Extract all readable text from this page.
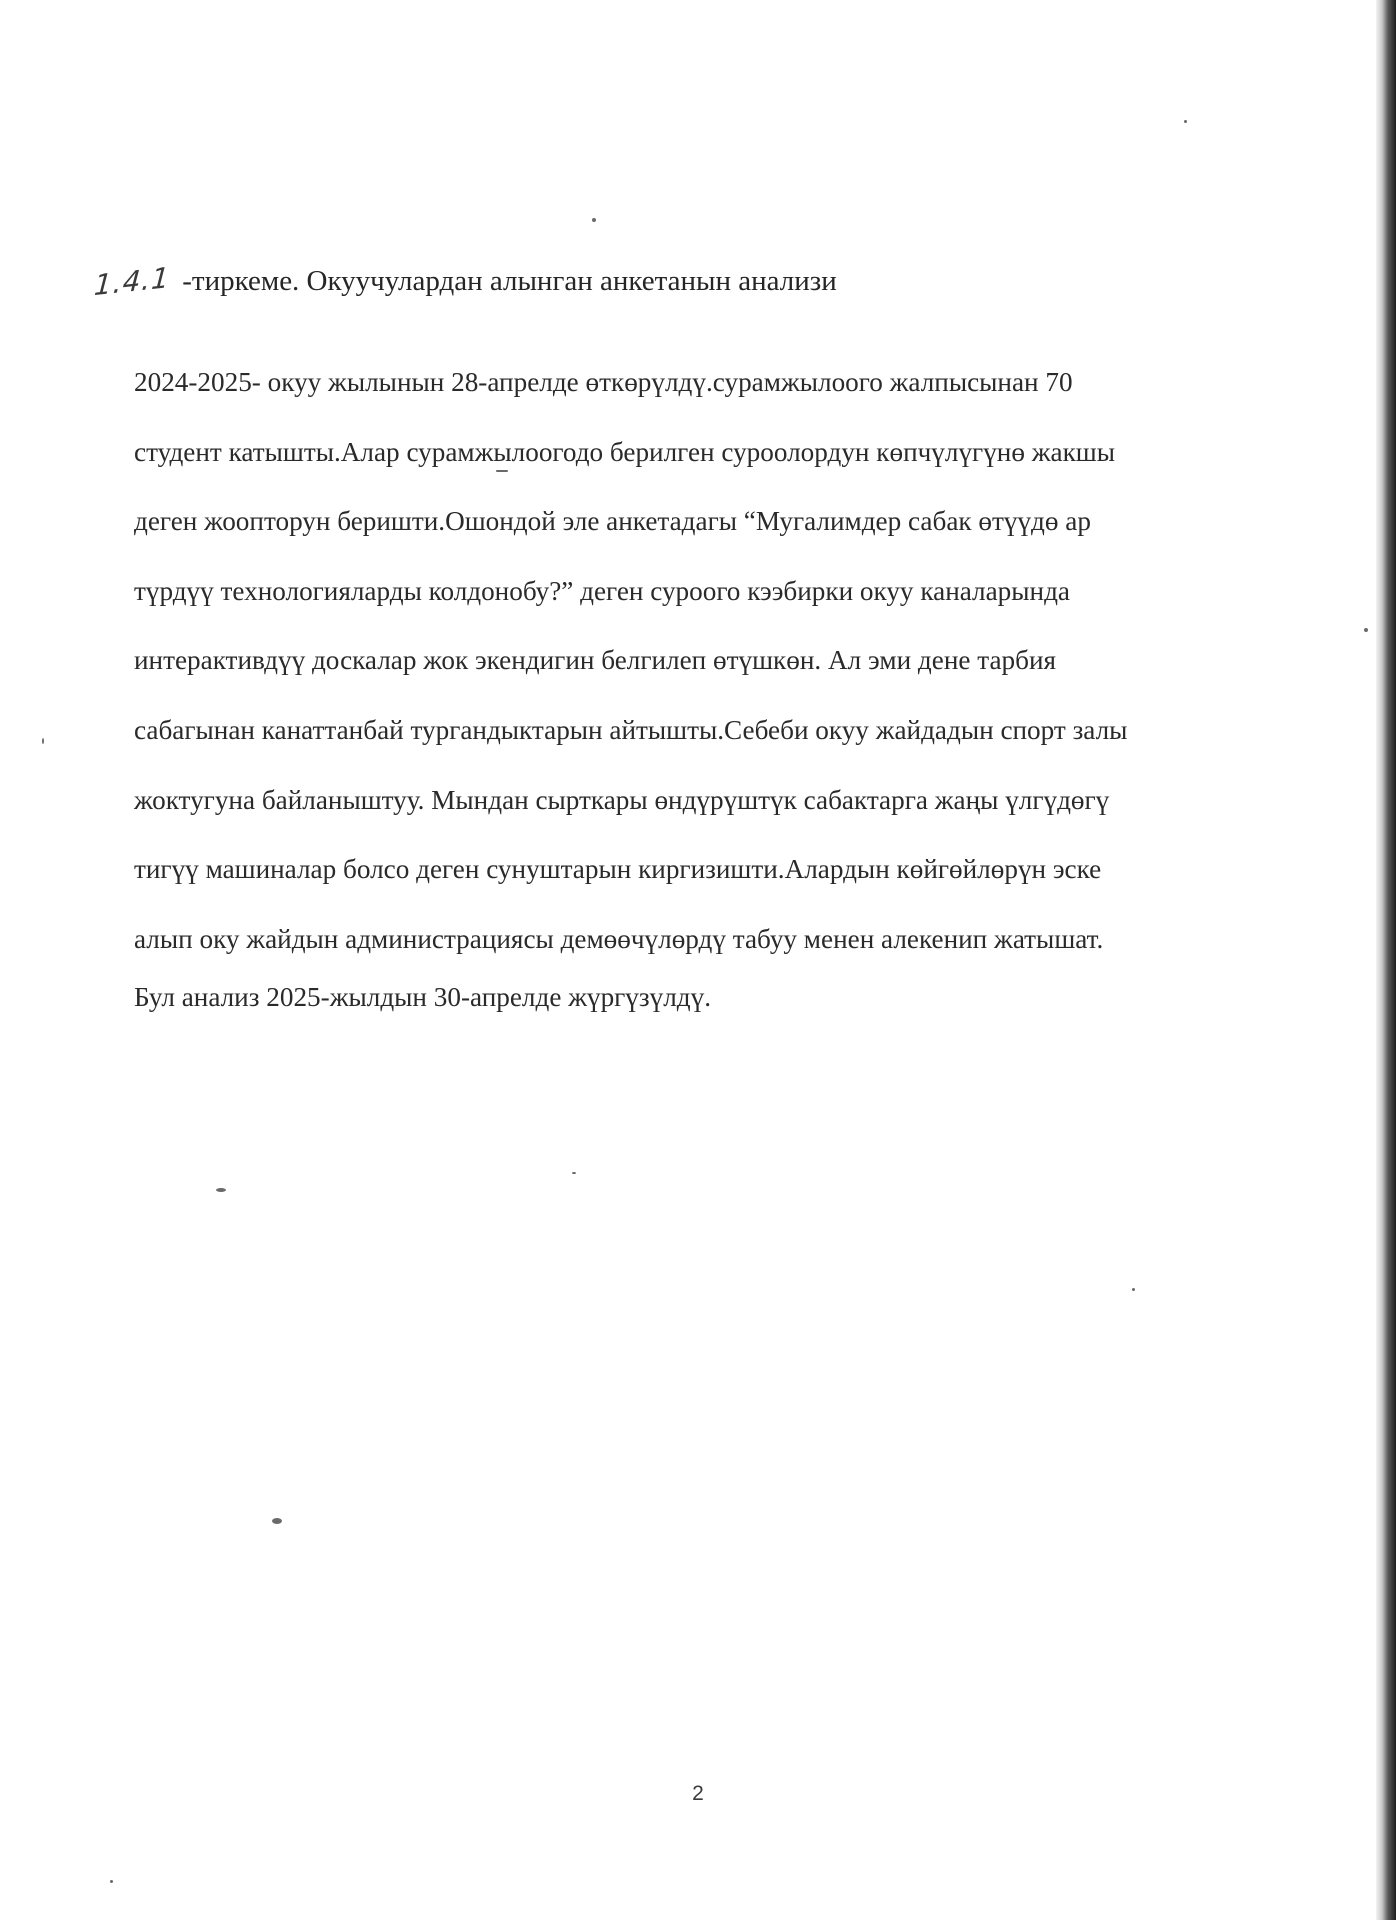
1.4.1 -тиркеме. Окуучулардан алынган анкетанын анализи

2024-2025- окуу жылынын 28-апрелде өткөрүлдү.сурамжылоого жалпысынан 70
студент катышты.Алар сурамжылоогодо берилген суроолордун көпчүлүгүнө жакшы
деген жоопторун беришти.Ошондой эле анкетадагы “Мугалимдер сабак өтүүдө ар
түрдүү технологияларды колдонобу?” деген суроого кээбирки окуу каналарында
интерактивдүү доскалар жок экендигин белгилеп өтүшкөн. Ал эми дене тарбия
сабагынан канаттанбай тургандыктарын айтышты.Себеби окуу жайдадын спорт залы
жоктугуна байланыштуу. Мындан сырткары өндүрүштүк сабактарга жаңы үлгүдөгү
тигүү машиналар болсо деген сунуштарын киргизишти.Алардын көйгөйлөрүн эске
алып оку жайдын администрациясы демөөчүлөрдү табуу менен алекенип жатышат.

Бул анализ 2025-жылдын 30-апрелде жүргүзүлдү.

2
